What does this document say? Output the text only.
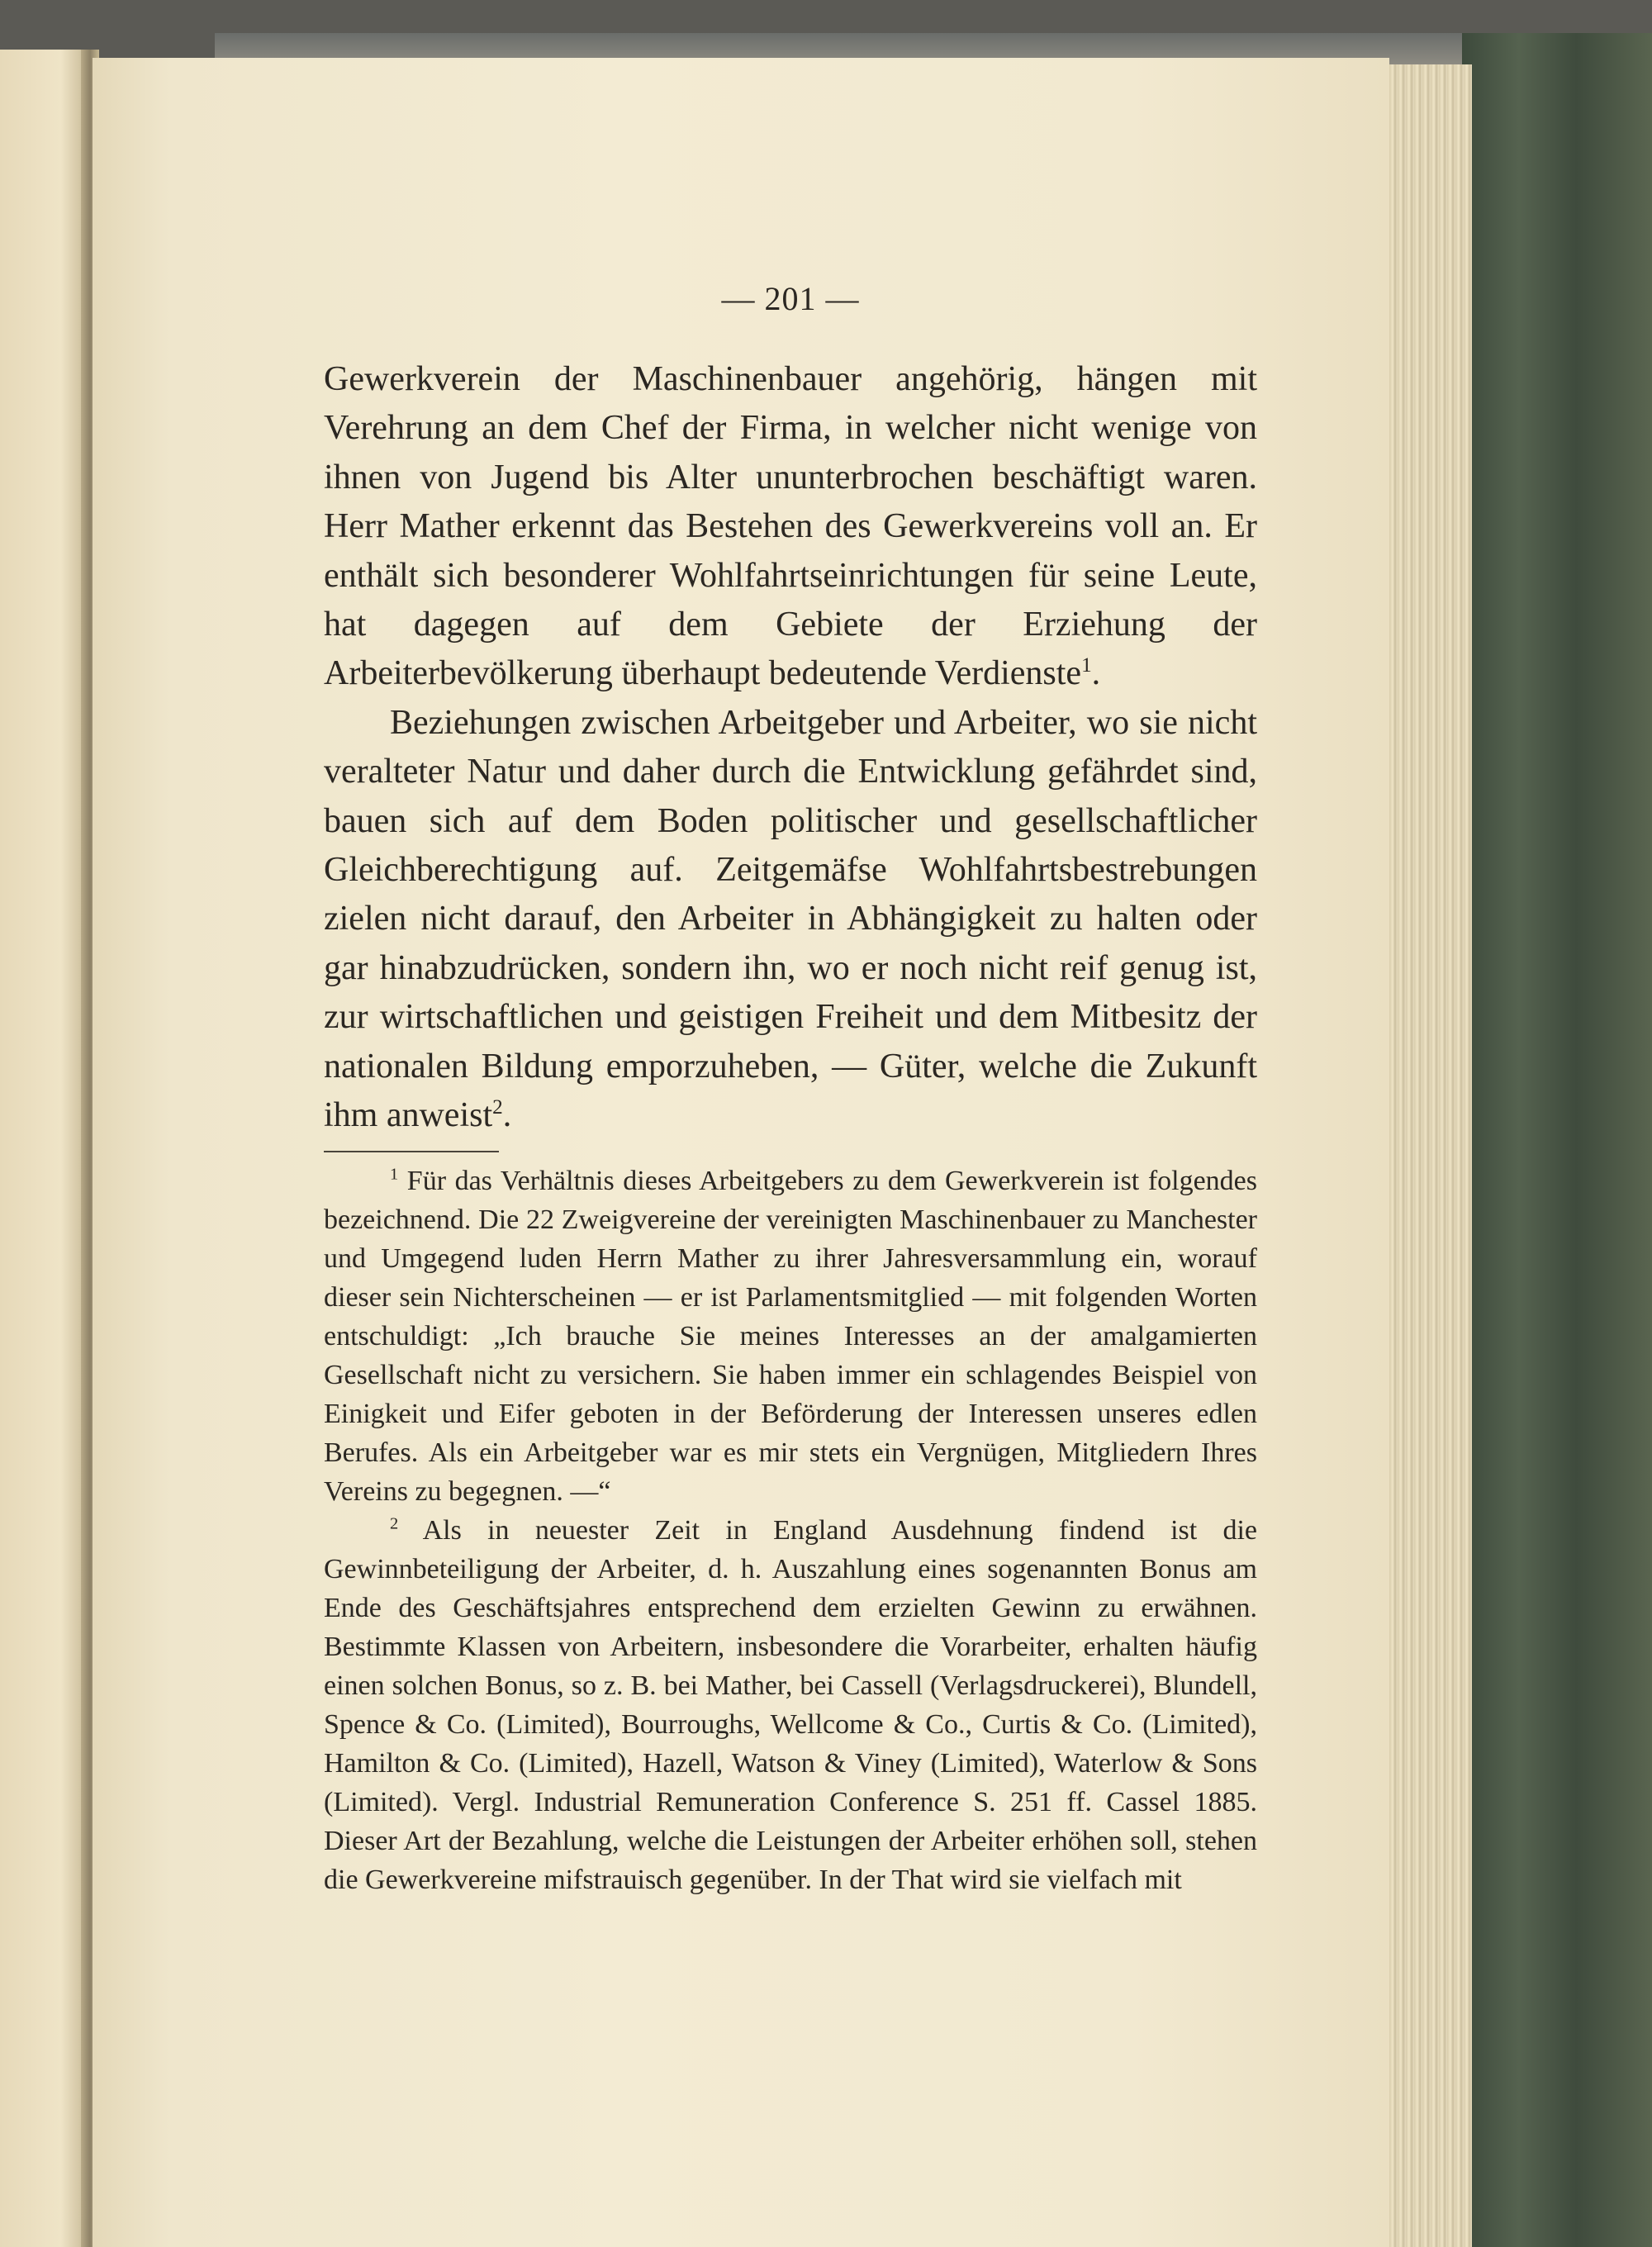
— 201 —

Gewerkverein der Maschinenbauer angehörig, hängen mit Verehrung an dem Chef der Firma, in welcher nicht wenige von ihnen von Jugend bis Alter ununterbrochen beschäftigt waren. Herr Mather erkennt das Bestehen des Gewerkvereins voll an. Er enthält sich besonderer Wohlfahrtseinrichtungen für seine Leute, hat dagegen auf dem Gebiete der Erziehung der Arbeiterbevölkerung überhaupt bedeutende Verdienste$^1$.

Beziehungen zwischen Arbeitgeber und Arbeiter, wo sie nicht veralteter Natur und daher durch die Entwicklung gefährdet sind, bauen sich auf dem Boden politischer und gesellschaftlicher Gleichberechtigung auf. Zeitgemäfse Wohlfahrtsbestrebungen zielen nicht darauf, den Arbeiter in Abhängigkeit zu halten oder gar hinabzudrücken, sondern ihn, wo er noch nicht reif genug ist, zur wirtschaftlichen und geistigen Freiheit und dem Mitbesitz der nationalen Bildung emporzuheben, — Güter, welche die Zukunft ihm anweist$^2$.

$^1$ Für das Verhältnis dieses Arbeitgebers zu dem Gewerkverein ist folgendes bezeichnend. Die 22 Zweigvereine der vereinigten Maschinenbauer zu Manchester und Umgegend luden Herrn Mather zu ihrer Jahresversammlung ein, worauf dieser sein Nichterscheinen — er ist Parlamentsmitglied — mit folgenden Worten entschuldigt: „Ich brauche Sie meines Interesses an der amalgamierten Gesellschaft nicht zu versichern. Sie haben immer ein schlagendes Beispiel von Einigkeit und Eifer geboten in der Beförderung der Interessen unseres edlen Berufes. Als ein Arbeitgeber war es mir stets ein Vergnügen, Mitgliedern Ihres Vereins zu begegnen. —“

$^2$ Als in neuester Zeit in England Ausdehnung findend ist die Gewinnbeteiligung der Arbeiter, d. h. Auszahlung eines sogenannten Bonus am Ende des Geschäftsjahres entsprechend dem erzielten Gewinn zu erwähnen. Bestimmte Klassen von Arbeitern, insbesondere die Vorarbeiter, erhalten häufig einen solchen Bonus, so z. B. bei Mather, bei Cassell (Verlagsdruckerei), Blundell, Spence & Co. (Limited), Bourroughs, Wellcome & Co., Curtis & Co. (Limited), Hamilton & Co. (Limited), Hazell, Watson & Viney (Limited), Waterlow & Sons (Limited). Vergl. Industrial Remuneration Conference S. 251 ff. Cassel 1885. Dieser Art der Bezahlung, welche die Leistungen der Arbeiter erhöhen soll, stehen die Gewerkvereine mifstrauisch gegenüber. In der That wird sie vielfach mit
